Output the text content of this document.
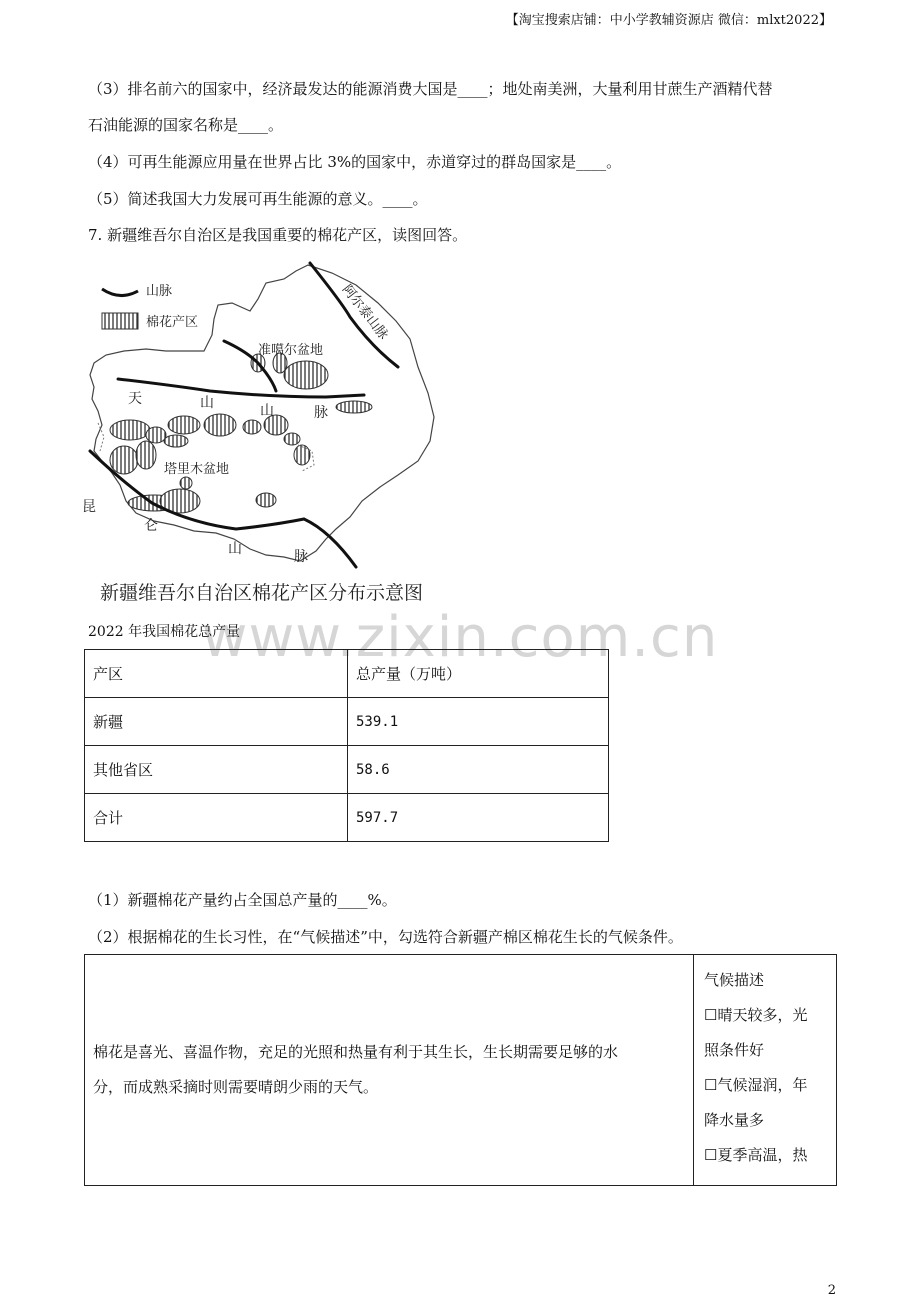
【淘宝搜索店铺：中小学教辅资源店 微信：mlxt2022】
（3）排名前六的国家中，经济最发达的能源消费大国是____；地处南美洲，大量利用甘蔗生产酒精代替
石油能源的国家名称是____。
（4）可再生能源应用量在世界占比 3%的国家中，赤道穿过的群岛国家是____。
（5）简述我国大力发展可再生能源的意义。____。
7. 新疆维吾尔自治区是我国重要的棉花产区，读图回答。
山脉
棉花产区	阿尔泰山脉
准噶尔盆地
天	山	山	脉
塔里木盆地
昆
仑
山	脉
新疆维吾尔自治区棉花产区分布示意图
www.zixin.com.cn
2022 年我国棉花总产量
产区	总产量（万吨）
新疆	539.1
其他省区	58.6
合计	597.7
（1）新疆棉花产量约占全国总产量的____%。
（2）根据棉花的生长习性，在“气候描述”中，勾选符合新疆产棉区棉花生长的气候条件。
棉花是喜光、喜温作物，充足的光照和热量有利于其生长，生长期需要足够的水
分，而成熟采摘时则需要晴朗少雨的天气。

气候描述
☐晴天较多，光
照条件好
☐气候湿润，年
降水量多
☐夏季高温，热
2
